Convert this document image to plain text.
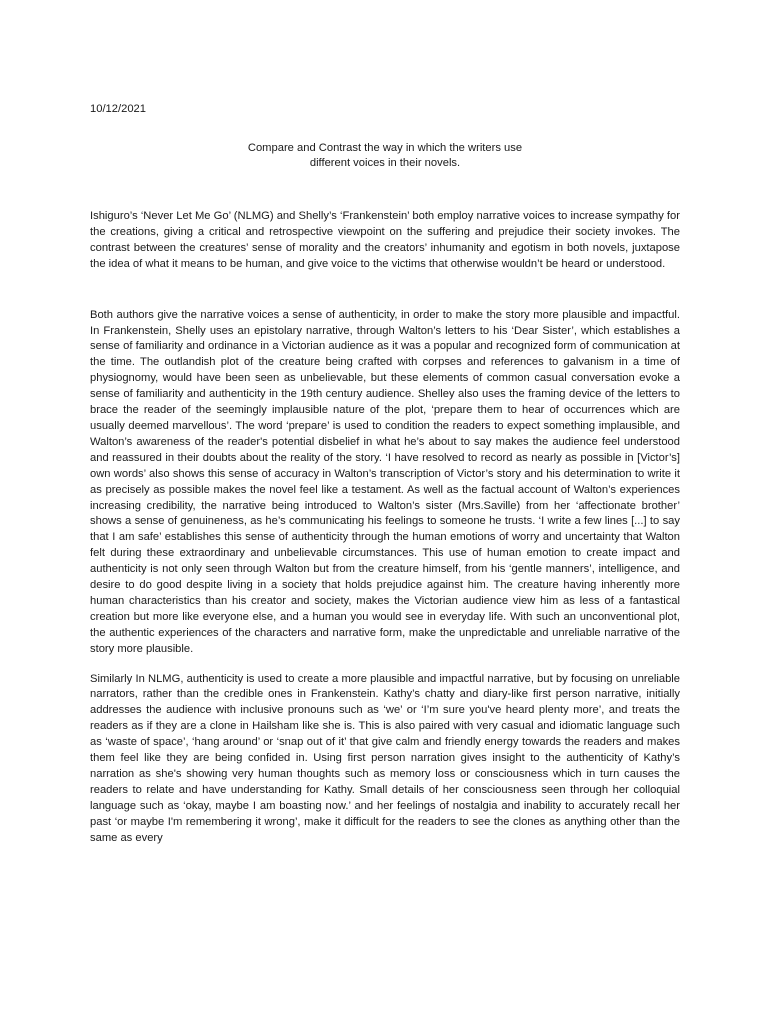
10/12/2021

Compare and Contrast the way in which the writers use
different voices in their novels.

Ishiguro’s ‘Never Let Me Go’ (NLMG) and Shelly’s ‘Frankenstein’ both employ narrative voices to increase sympathy for the creations, giving a critical and retrospective viewpoint on the suffering and prejudice their society invokes. The contrast between the creatures’ sense of morality and the creators’ inhumanity and egotism in both novels, juxtapose the idea of what it means to be human, and give voice to the victims that otherwise wouldn’t be heard or understood.

Both authors give the narrative voices a sense of authenticity, in order to make the story more plausible and impactful. In Frankenstein, Shelly uses an epistolary narrative, through Walton’s letters to his ‘Dear Sister’, which establishes a sense of familiarity and ordinance in a Victorian audience as it was a popular and recognized form of communication at the time. The outlandish plot of the creature being crafted with corpses and references to galvanism in a time of physiognomy, would have been seen as unbelievable, but these elements of common casual conversation evoke a sense of familiarity and authenticity in the 19th century audience. Shelley also uses the framing device of the letters to brace the reader of the seemingly implausible nature of the plot, ‘prepare them to hear of occurrences which are usually deemed marvellous’. The word ‘prepare’ is used to condition the readers to expect something implausible, and Walton’s awareness of the reader's potential disbelief in what he’s about to say makes the audience feel understood and reassured in their doubts about the reality of the story. ‘I have resolved to record as nearly as possible in [Victor’s] own words’ also shows this sense of accuracy in Walton’s transcription of Victor’s story and his determination to write it as precisely as possible makes the novel feel like a testament. As well as the factual account of Walton’s experiences increasing credibility, the narrative being introduced to Walton’s sister (Mrs.Saville) from her ‘affectionate brother’ shows a sense of genuineness, as he’s communicating his feelings to someone he trusts. ‘I write a few lines [...] to say that I am safe’ establishes this sense of authenticity through the human emotions of worry and uncertainty that Walton felt during these extraordinary and unbelievable circumstances. This use of human emotion to create impact and authenticity is not only seen through Walton but from the creature himself, from his ‘gentle manners’, intelligence, and desire to do good despite living in a society that holds prejudice against him. The creature having inherently more human characteristics than his creator and society, makes the Victorian audience view him as less of a fantastical creation but more like everyone else, and a human you would see in everyday life. With such an unconventional plot, the authentic experiences of the characters and narrative form, make the unpredictable and unreliable narrative of the story more plausible.

Similarly In NLMG, authenticity is used to create a more plausible and impactful narrative, but by focusing on unreliable narrators, rather than the credible ones in Frankenstein. Kathy’s chatty and diary-like first person narrative, initially addresses the audience with inclusive pronouns such as ‘we’ or ‘I’m sure you've heard plenty more’, and treats the readers as if they are a clone in Hailsham like she is. This is also paired with very casual and idiomatic language such as ‘waste of space’, ‘hang around’ or ‘snap out of it’ that give calm and friendly energy towards the readers and makes them feel like they are being confided in. Using first person narration gives insight to the authenticity of Kathy’s narration as she's showing very human thoughts such as memory loss or consciousness which in turn causes the readers to relate and have understanding for Kathy. Small details of her consciousness seen through her colloquial language such as ‘okay, maybe I am boasting now.’ and her feelings of nostalgia and inability to accurately recall her past ‘or maybe I'm remembering it wrong’, make it difficult for the readers to see the clones as anything other than the same as every
